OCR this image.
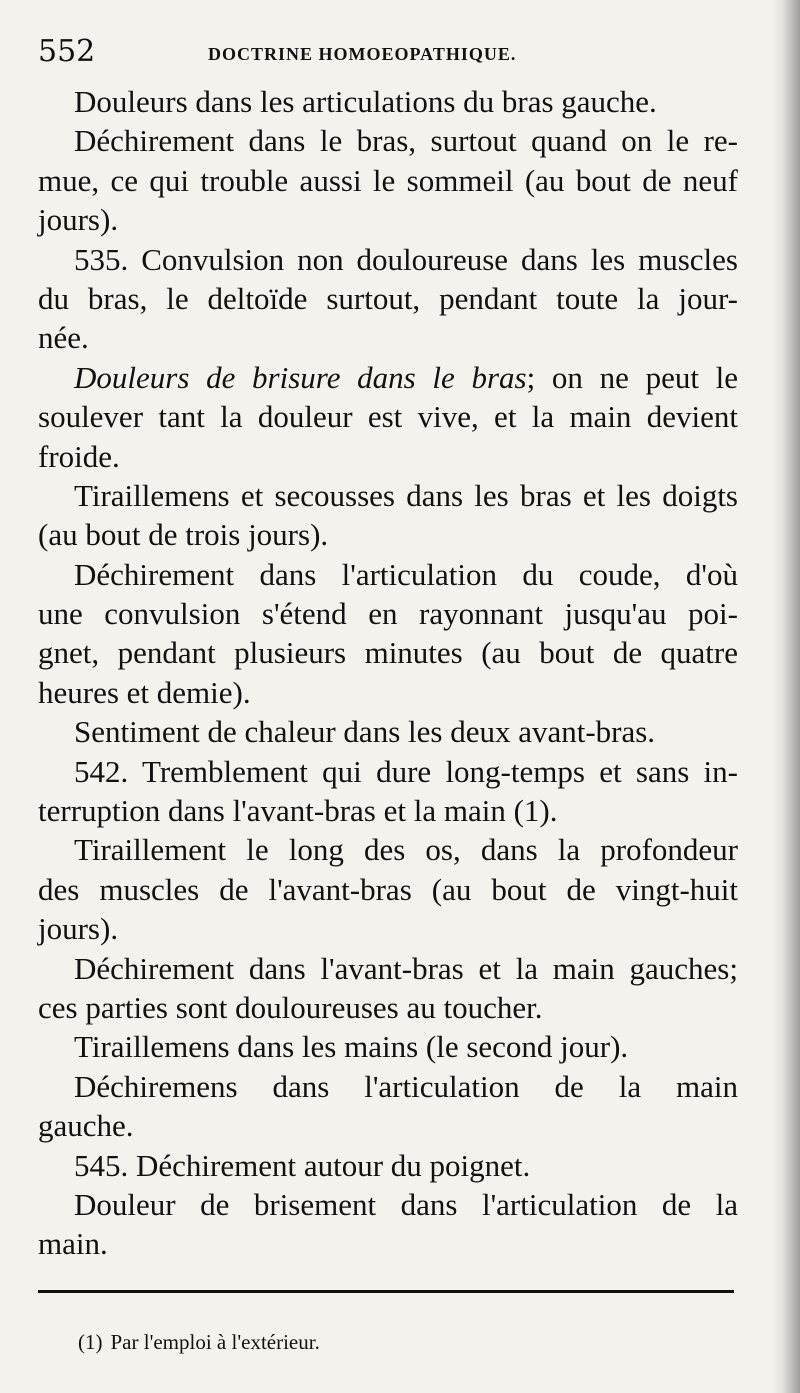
552	DOCTRINE HOMOEOPATHIQUE.
Douleurs dans les articulations du bras gauche.
Déchirement dans le bras, surtout quand on le re-
mue, ce qui trouble aussi le sommeil (au bout de neuf
jours).
535. Convulsion non douloureuse dans les muscles
du bras, le deltoïde surtout, pendant toute la jour-
née.
Douleurs de brisure dans le bras; on ne peut le
soulever tant la douleur est vive, et la main devient
froide.
Tiraillemens et secousses dans les bras et les doigts
(au bout de trois jours).
Déchirement dans l'articulation du coude, d'où
une convulsion s'étend en rayonnant jusqu'au poi-
gnet, pendant plusieurs minutes (au bout de quatre
heures et demie).
Sentiment de chaleur dans les deux avant-bras.
542. Tremblement qui dure long-temps et sans in-
terruption dans l'avant-bras et la main (1).
Tiraillement le long des os, dans la profondeur
des muscles de l'avant-bras (au bout de vingt-huit
jours).
Déchirement dans l'avant-bras et la main gauches;
ces parties sont douloureuses au toucher.
Tiraillemens dans les mains (le second jour).
Déchiremens dans l'articulation de la main
gauche.
545. Déchirement autour du poignet.
Douleur de brisement dans l'articulation de la
main.
(1) Par l'emploi à l'extérieur.
